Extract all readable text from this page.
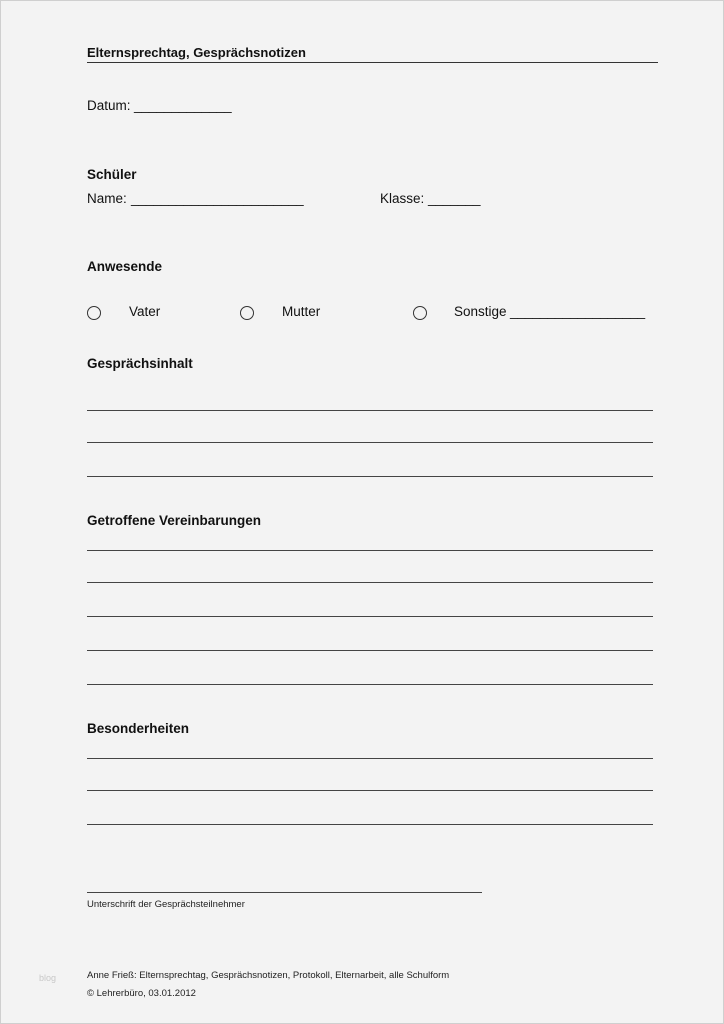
Elternsprechtag, Gesprächsnotizen
Datum: _____________
Schüler
Name: _______________________	Klasse: _______
Anwesende
Vater	Mutter	Sonstige __________________
Gesprächsinhalt
Getroffene Vereinbarungen
Besonderheiten
Unterschrift der Gesprächsteilnehmer
blog	Anne Frieß: Elternsprechtag, Gesprächsnotizen, Protokoll, Elternarbeit, alle Schulform
© Lehrerbüro, 03.01.2012
